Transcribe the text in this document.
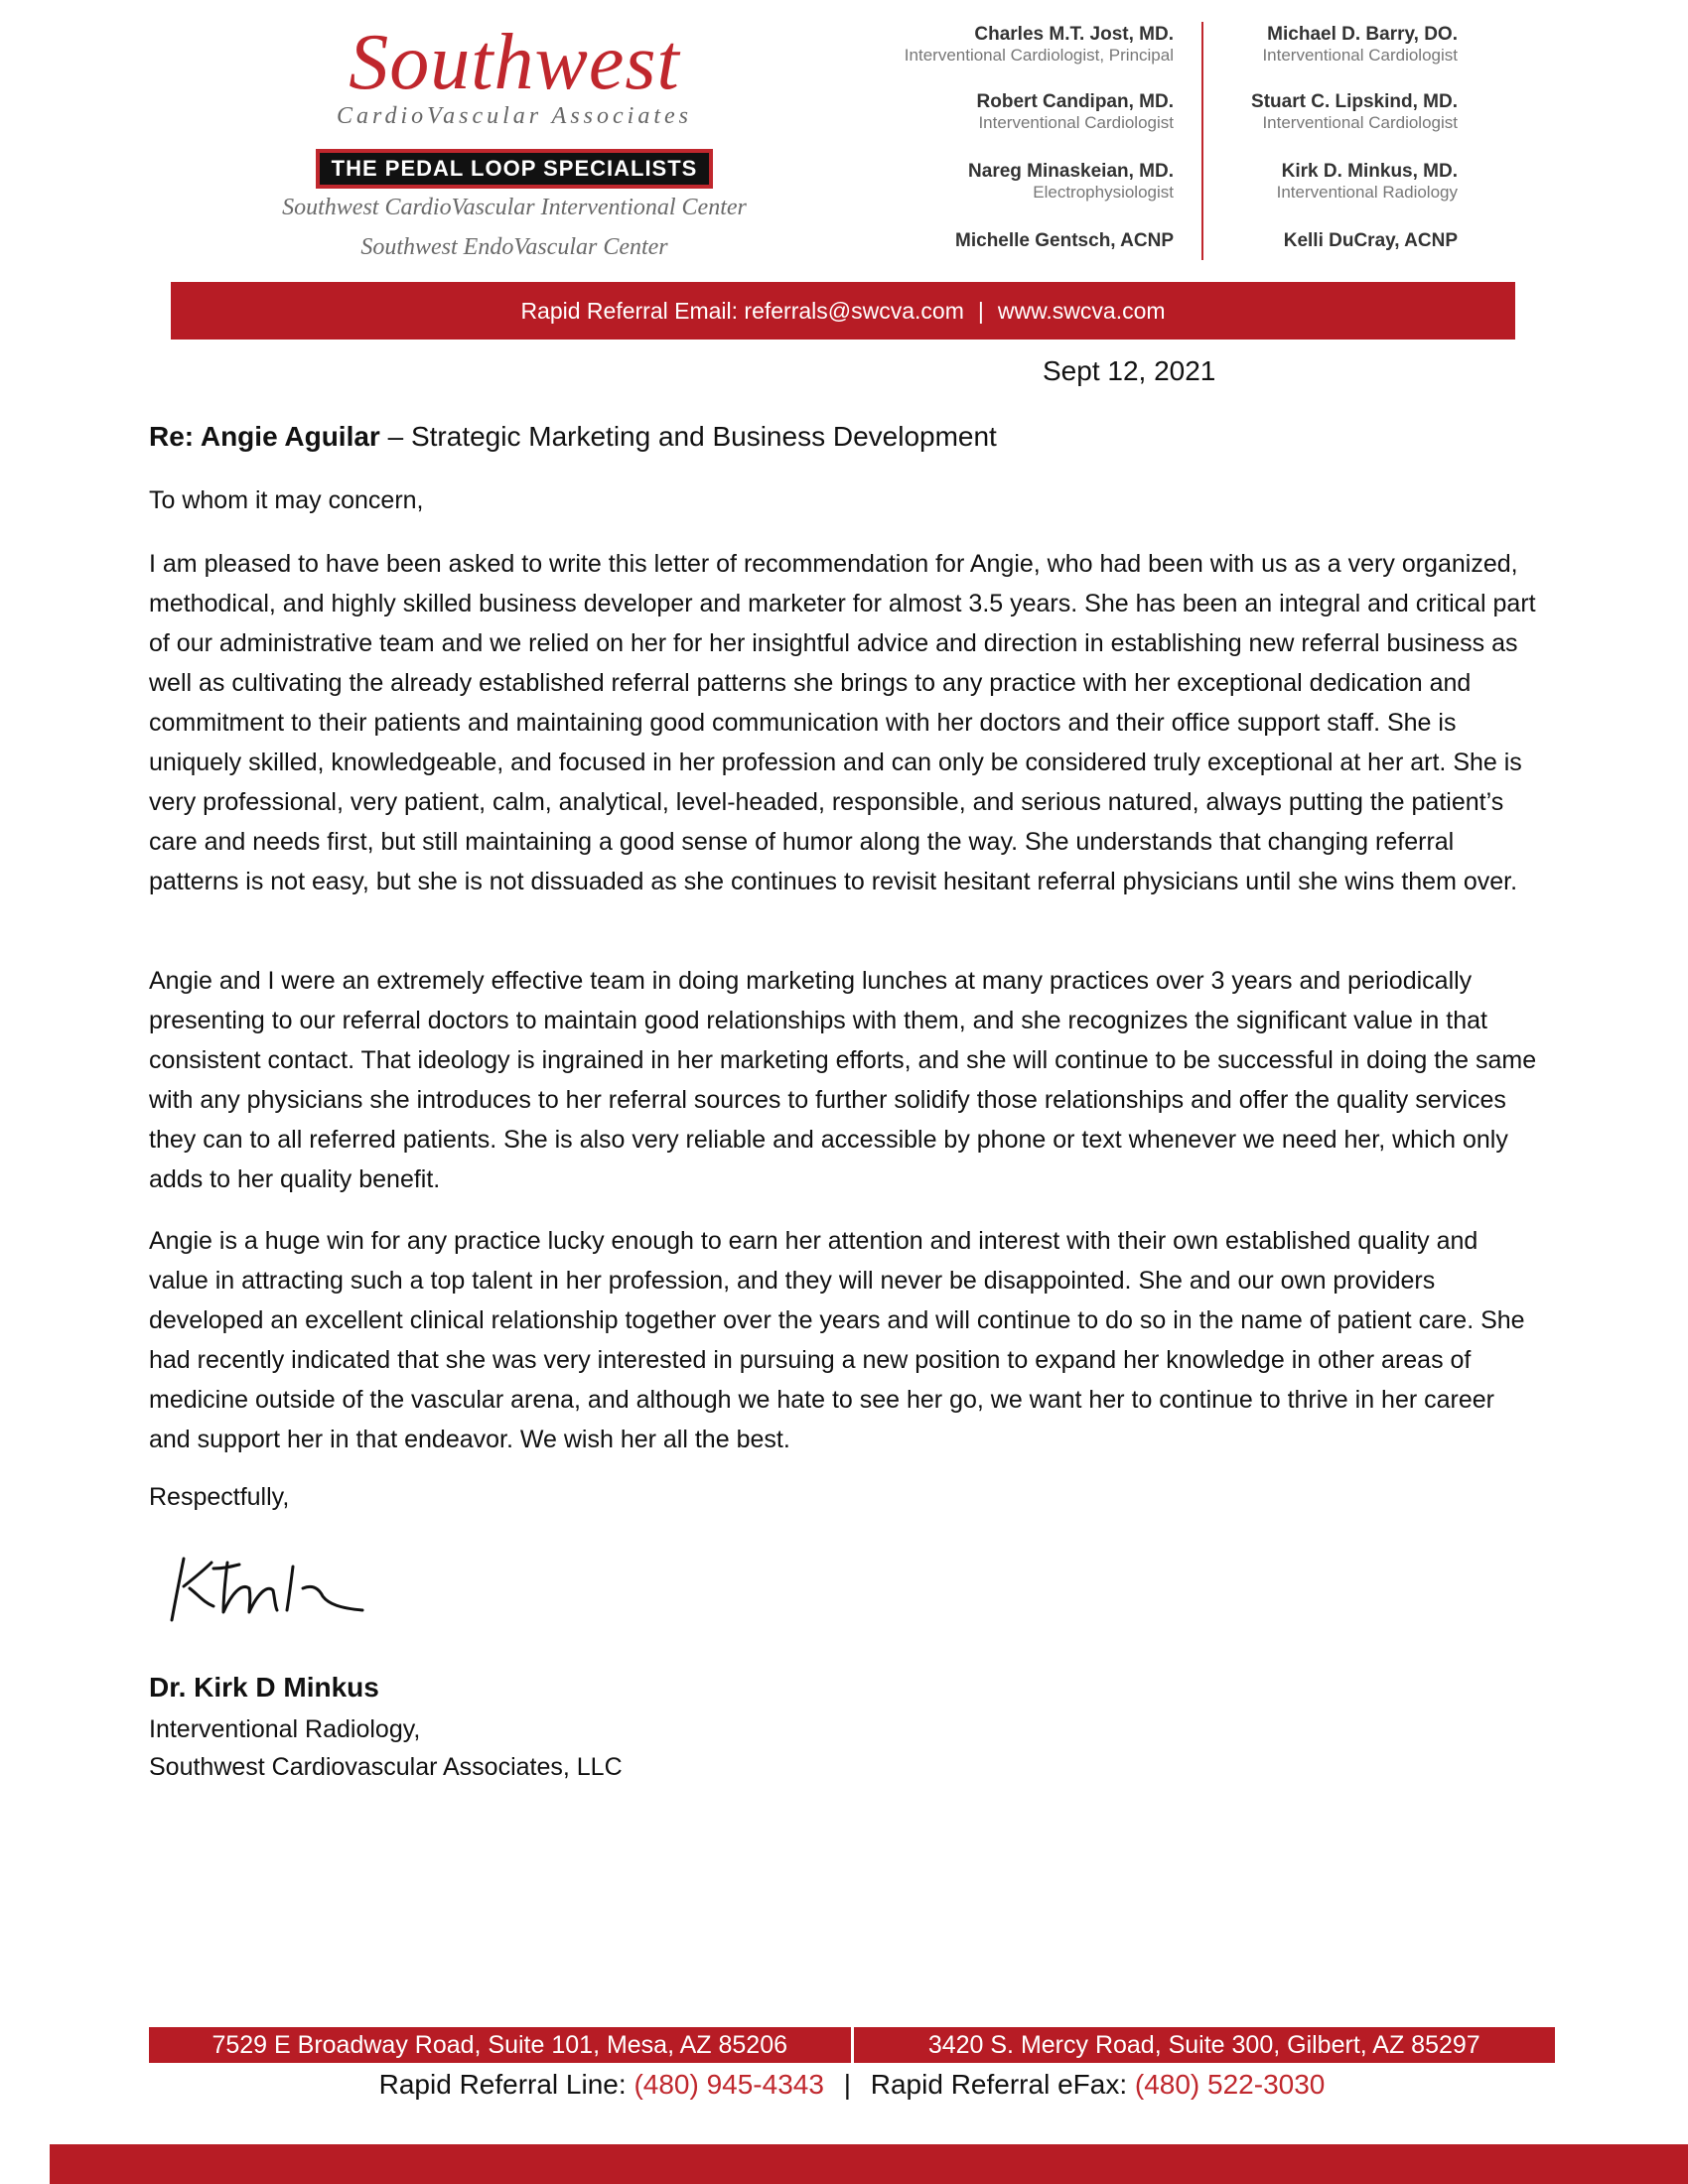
Southwest
CardioVascular Associates
THE PEDAL LOOP SPECIALISTS
Southwest CardioVascular Interventional Center
Southwest EndoVascular Center
Charles M.T. Jost, MD.
Interventional Cardiologist, Principal
Robert Candipan, MD.
Interventional Cardiologist
Nareg Minaskeian, MD.
Electrophysiologist
Michelle Gentsch, ACNP
Michael D. Barry, DO.
Interventional Cardiologist
Stuart C. Lipskind, MD.
Interventional Cardiologist
Kirk D. Minkus, MD.
Interventional Radiology
Kelli DuCray, ACNP
Rapid Referral Email: referrals@swcva.com | www.swcva.com
Sept 12, 2021
Re: Angie Aguilar – Strategic Marketing and Business Development
To whom it may concern,
I am pleased to have been asked to write this letter of recommendation for Angie, who had been with us as a very organized, methodical, and highly skilled business developer and marketer for almost 3.5 years. She has been an integral and critical part of our administrative team and we relied on her for her insightful advice and direction in establishing new referral business as well as cultivating the already established referral patterns she brings to any practice with her exceptional dedication and commitment to their patients and maintaining good communication with her doctors and their office support staff. She is uniquely skilled, knowledgeable, and focused in her profession and can only be considered truly exceptional at her art. She is very professional, very patient, calm, analytical, level-headed, responsible, and serious natured, always putting the patient’s care and needs first, but still maintaining a good sense of humor along the way. She understands that changing referral patterns is not easy, but she is not dissuaded as she continues to revisit hesitant referral physicians until she wins them over.
Angie and I were an extremely effective team in doing marketing lunches at many practices over 3 years and periodically presenting to our referral doctors to maintain good relationships with them, and she recognizes the significant value in that consistent contact. That ideology is ingrained in her marketing efforts, and she will continue to be successful in doing the same with any physicians she introduces to her referral sources to further solidify those relationships and offer the quality services they can to all referred patients. She is also very reliable and accessible by phone or text whenever we need her, which only adds to her quality benefit.
Angie is a huge win for any practice lucky enough to earn her attention and interest with their own established quality and value in attracting such a top talent in her profession, and they will never be disappointed. She and our own providers developed an excellent clinical relationship together over the years and will continue to do so in the name of patient care. She had recently indicated that she was very interested in pursuing a new position to expand her knowledge in other areas of medicine outside of the vascular arena, and although we hate to see her go, we want her to continue to thrive in her career and support her in that endeavor. We wish her all the best.
Respectfully,
Dr. Kirk D Minkus
Interventional Radiology,
Southwest Cardiovascular Associates, LLC
7529 E Broadway Road, Suite 101, Mesa, AZ 85206	3420 S. Mercy Road, Suite 300, Gilbert, AZ 85297
Rapid Referral Line: (480) 945-4343 | Rapid Referral eFax: (480) 522-3030
